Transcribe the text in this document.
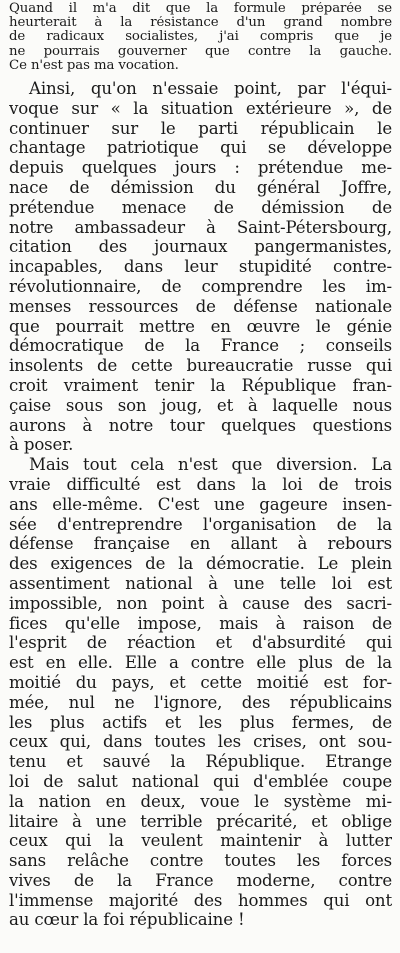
Quand il m'a dit que la formule préparée se
heurterait à la résistance d'un grand nombre
de radicaux socialistes, j'ai compris que je
ne pourrais gouverner que contre la gauche.
Ce n'est pas ma vocation.
Ainsi, qu'on n'essaie point, par l'équi-
voque sur « la situation extérieure », de
continuer sur le parti républicain le
chantage patriotique qui se développe
depuis quelques jours : prétendue me-
nace de démission du général Joffre,
prétendue menace de démission de
notre ambassadeur à Saint-Pétersbourg,
citation des journaux pangermanistes,
incapables, dans leur stupidité contre-
révolutionnaire, de comprendre les im-
menses ressources de défense nationale
que pourrait mettre en œuvre le génie
démocratique de la France ; conseils
insolents de cette bureaucratie russe qui
croit vraiment tenir la République fran-
çaise sous son joug, et à laquelle nous
aurons à notre tour quelques questions
à poser.
Mais tout cela n'est que diversion. La
vraie difficulté est dans la loi de trois
ans elle-même. C'est une gageure insen-
sée d'entreprendre l'organisation de la
défense française en allant à rebours
des exigences de la démocratie. Le plein
assentiment national à une telle loi est
impossible, non point à cause des sacri-
fices qu'elle impose, mais à raison de
l'esprit de réaction et d'absurdité qui
est en elle. Elle a contre elle plus de la
moitié du pays, et cette moitié est for-
mée, nul ne l'ignore, des républicains
les plus actifs et les plus fermes, de
ceux qui, dans toutes les crises, ont sou-
tenu et sauvé la République. Etrange
loi de salut national qui d'emblée coupe
la nation en deux, voue le système mi-
litaire à une terrible précarité, et oblige
ceux qui la veulent maintenir à lutter
sans relâche contre toutes les forces
vives de la France moderne, contre
l'immense majorité des hommes qui ont
au cœur la foi républicaine !
